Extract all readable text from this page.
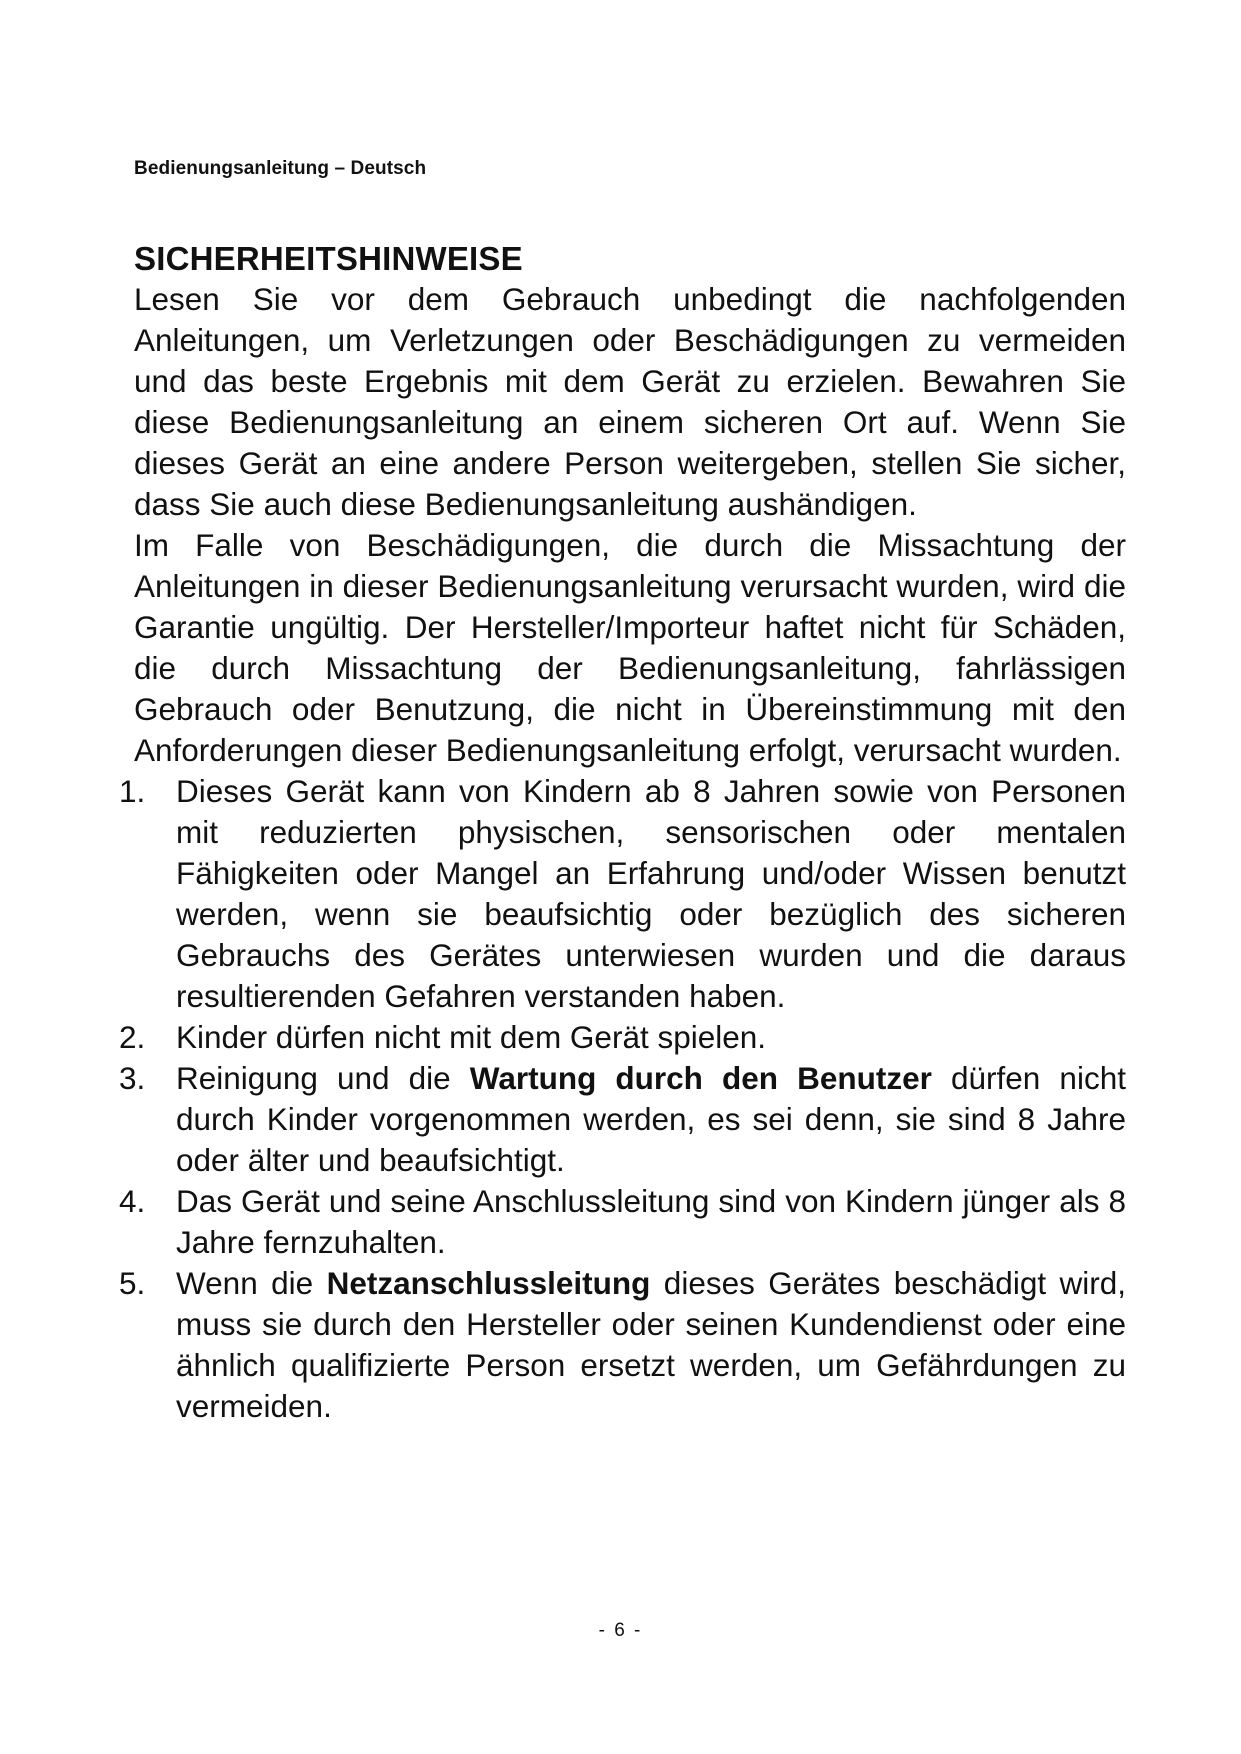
Bedienungsanleitung – Deutsch
SICHERHEITSHINWEISE

Lesen Sie vor dem Gebrauch unbedingt die nachfolgenden Anleitungen, um Verletzungen oder Beschädigungen zu vermeiden und das beste Ergebnis mit dem Gerät zu erzielen. Bewahren Sie diese Bedienungsanleitung an einem sicheren Ort auf. Wenn Sie dieses Gerät an eine andere Person weitergeben, stellen Sie sicher, dass Sie auch diese Bedienungsanleitung aushändigen.

Im Falle von Beschädigungen, die durch die Missachtung der Anleitungen in dieser Bedienungsanleitung verursacht wurden, wird die Garantie ungültig. Der Hersteller/Importeur haftet nicht für Schäden, die durch Missachtung der Bedienungsanleitung, fahrlässigen Gebrauch oder Benutzung, die nicht in Übereinstimmung mit den Anforderungen dieser Bedienungsanleitung erfolgt, verursacht wurden.

1. Dieses Gerät kann von Kindern ab 8 Jahren sowie von Personen mit reduzierten physischen, sensorischen oder mentalen Fähigkeiten oder Mangel an Erfahrung und/oder Wissen benutzt werden, wenn sie beaufsichtig oder bezüglich des sicheren Gebrauchs des Gerätes unterwiesen wurden und die daraus resultierenden Gefahren verstanden haben.
2. Kinder dürfen nicht mit dem Gerät spielen.
3. Reinigung und die Wartung durch den Benutzer dürfen nicht durch Kinder vorgenommen werden, es sei denn, sie sind 8 Jahre oder älter und beaufsichtigt.
4. Das Gerät und seine Anschlussleitung sind von Kindern jünger als 8 Jahre fernzuhalten.
5. Wenn die Netzanschlussleitung dieses Gerätes beschädigt wird, muss sie durch den Hersteller oder seinen Kundendienst oder eine ähnlich qualifizierte Person ersetzt werden, um Gefährdungen zu vermeiden.
- 6 -
